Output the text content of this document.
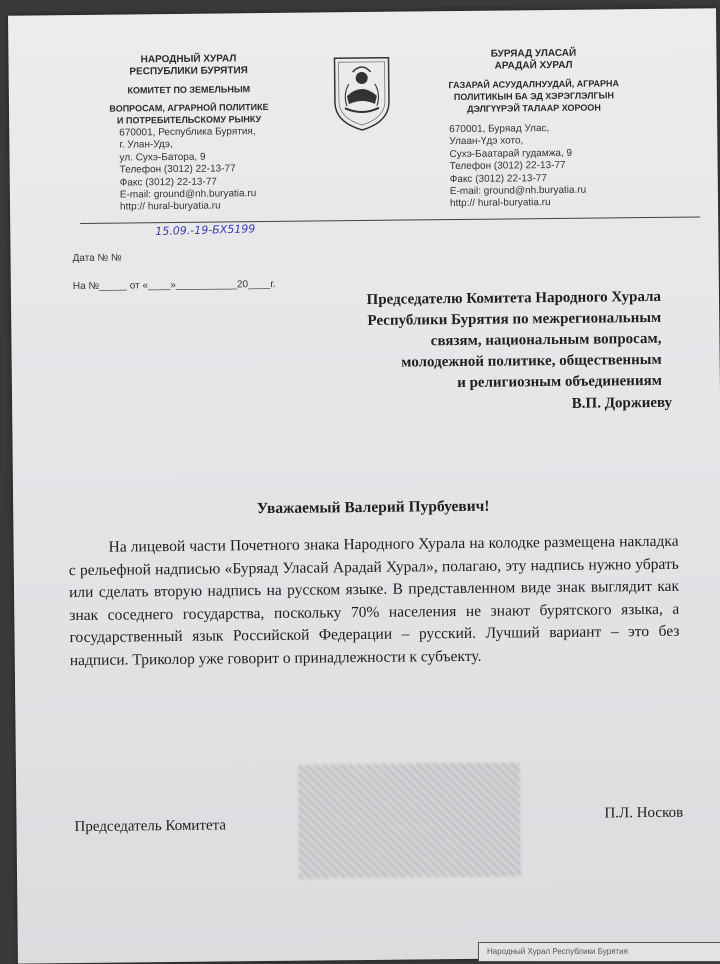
НАРОДНЫЙ ХУРАЛ
РЕСПУБЛИКИ БУРЯТИЯ
КОМИТЕТ ПО ЗЕМЕЛЬНЫМ
ВОПРОСАМ, АГРАРНОЙ ПОЛИТИКЕ
И ПОТРЕБИТЕЛЬСКОМУ РЫНКУ
БУРЯАД УЛАСАЙ
АРАДАЙ ХУРАЛ
ГАЗАРАЙ АСУУДАЛНУУДАЙ, АГРАРНА
ПОЛИТИКЫН БА ЭД ХЭРЭГЛЭЛГЫН
ДЭЛГҮҮРЭЙ ТАЛААР ХОРООН
670001, Республика Бурятия,
г. Улан-Удэ,
ул. Сухэ-Батора, 9
Телефон (3012) 22-13-77
Факс (3012) 22-13-77
E-mail: ground@nh.buryatia.ru
http:// hural-buryatia.ru
670001, Буряад Улас,
Улаан-Үдэ хото,
Сухэ-Баатарай гудамжа, 9
Телефон (3012) 22-13-77
Факс (3012) 22-13-77
E-mail: ground@nh.buryatia.ru
http:// hural-buryatia.ru
15.09.-19-БХ5199
Дата № №
На №_____ от «____»___________20____г.
Председателю Комитета Народного Хурала
Республики Бурятия по межрегиональным
связям, национальным вопросам,
молодежной политике, общественным
и религиозным объединениям
В.П. Доржиеву
Уважаемый Валерий Пурбуевич!

На лицевой части Почетного знака Народного Хурала на колодке размещена накладка с рельефной надписью «Буряад Уласай Арадай Хурал», полагаю, эту надпись нужно убрать или сделать вторую надпись на русском языке. В представленном виде знак выглядит как знак соседнего государства, поскольку 70% населения не знают бурятского языка, а государственный язык Российской Федерации – русский. Лучший вариант – это без надписи. Триколор уже говорит о принадлежности к субъекту.

Председатель Комитета
П.Л. Носков
Народный Хурал Республики Бурятия
